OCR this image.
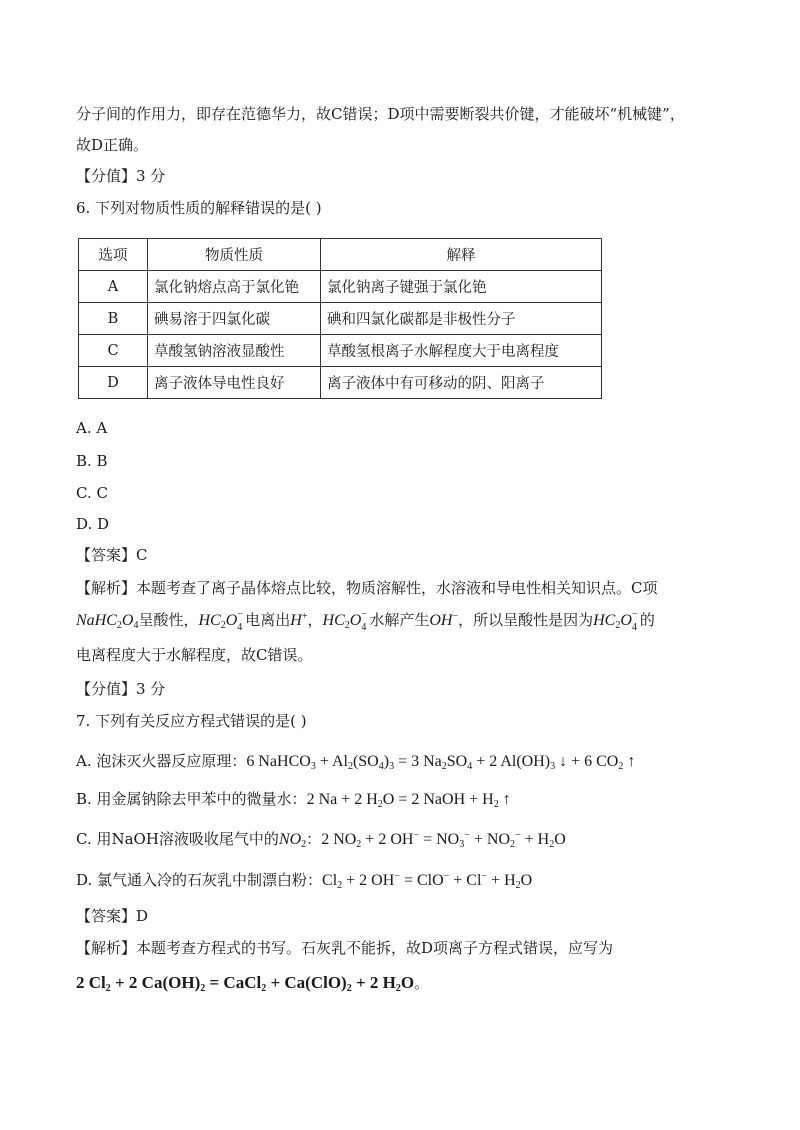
分子间的作用力，即存在范德华力，故C错误；D项中需要断裂共价键，才能破坏“机械键”，
故D正确。
【分值】3 分
6. 下列对物质性质的解释错误的是( )
选项	物质性质	解释
A	氯化钠熔点高于氯化铯	氯化钠离子键强于氯化铯
B	碘易溶于四氯化碳	碘和四氯化碳都是非极性分子
C	草酸氢钠溶液显酸性	草酸氢根离子水解程度大于电离程度
D	离子液体导电性良好	离子液体中有可移动的阴、阳离子
A. A
B. B
C. C
D. D
【答案】C
【解析】本题考查了离子晶体熔点比较，物质溶解性，水溶液和导电性相关知识点。C项
$NaHC_2O_4$呈酸性，$HC_2O$ −
4 电离出H+，$HC_2O$ −
4 水解产生OH−，所以呈酸性是因为$HC_2O$ −
4 的
电离程度大于水解程度，故C错误。
【分值】3 分
7. 下列有关反应方程式错误的是( )
A. 泡沫灭火器反应原理：6 NaHCO$_3$ + $Al_2(SO_4)_3 = 3$ $Na_2SO_4 + 2$ $Al(OH)_3$ ↓ + 6 $CO_2$ ↑
B. 用金属钠除去甲苯中的微量水：2 Na + 2 $H_2O = 2$ NaOH + $H_2$ ↑
C. 用NaOH溶液吸收尾气中的$NO_2$：2 $NO_2 + 2$ $OH^- = NO_3^- + NO_2^- + H_2O$
D. 氯气通入冷的石灰乳中制漂白粉：$Cl_2 + 2$ $OH^- = ClO^- + Cl^- + H_2O$
【答案】D
【解析】本题考查方程式的书写。石灰乳不能拆，故D项离子方程式错误，应写为
2 $Cl_2 + 2$ $Ca(OH)_2$ = CaCl$_2$ + $Ca(ClO)_2 + 2$ $H_2O$。
